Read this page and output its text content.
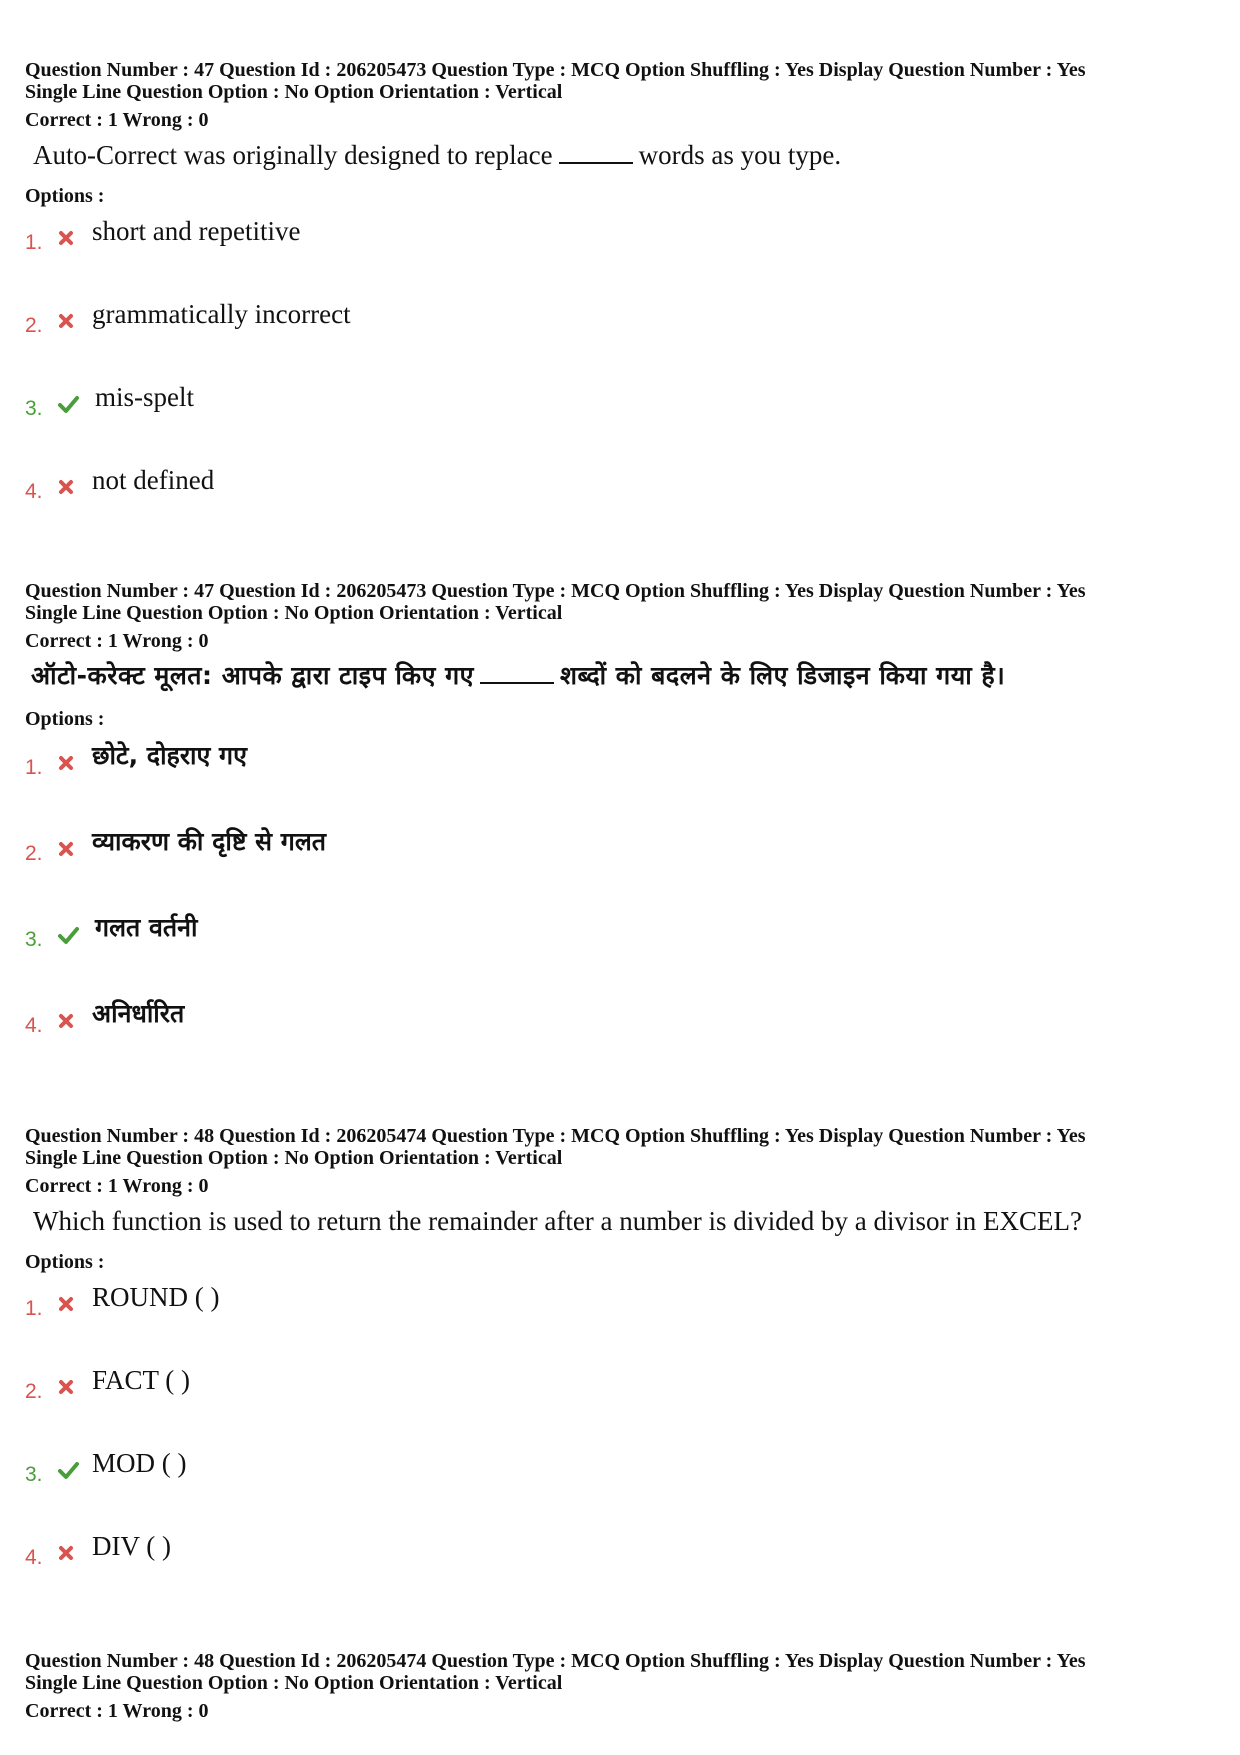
Question Number : 47 Question Id : 206205473 Question Type : MCQ Option Shuffling : Yes Display Question Number : Yes

Single Line Question Option : No Option Orientation : Vertical

Correct : 1 Wrong : 0
Auto-Correct was originally designed to replace	words as you type.
Options :
1. short and repetitive
2. grammatically incorrect
3. mis-spelt
4. not defined

Question Number : 47 Question Id : 206205473 Question Type : MCQ Option Shuffling : Yes Display Question Number : Yes

Single Line Question Option : No Option Orientation : Vertical

Correct : 1 Wrong : 0
ऑटो-करेक्ट मूलत: आपके द्वारा टाइप किए गए	शब्दों को बदलने के लिए डिजाइन किया गया है।
Options :
1. छोटे, दोहराए गए
2. व्याकरण की दृष्टि से गलत
3. गलत वर्तनी
4. अनिर्धारित

Question Number : 48 Question Id : 206205474 Question Type : MCQ Option Shuffling : Yes Display Question Number : Yes

Single Line Question Option : No Option Orientation : Vertical

Correct : 1 Wrong : 0
Which function is used to return the remainder after a number is divided by a divisor in EXCEL?
Options :
1. ROUND ( )
2. FACT ( )
3. MOD ( )
4. DIV ( )

Question Number : 48 Question Id : 206205474 Question Type : MCQ Option Shuffling : Yes Display Question Number : Yes

Single Line Question Option : No Option Orientation : Vertical

Correct : 1 Wrong : 0
